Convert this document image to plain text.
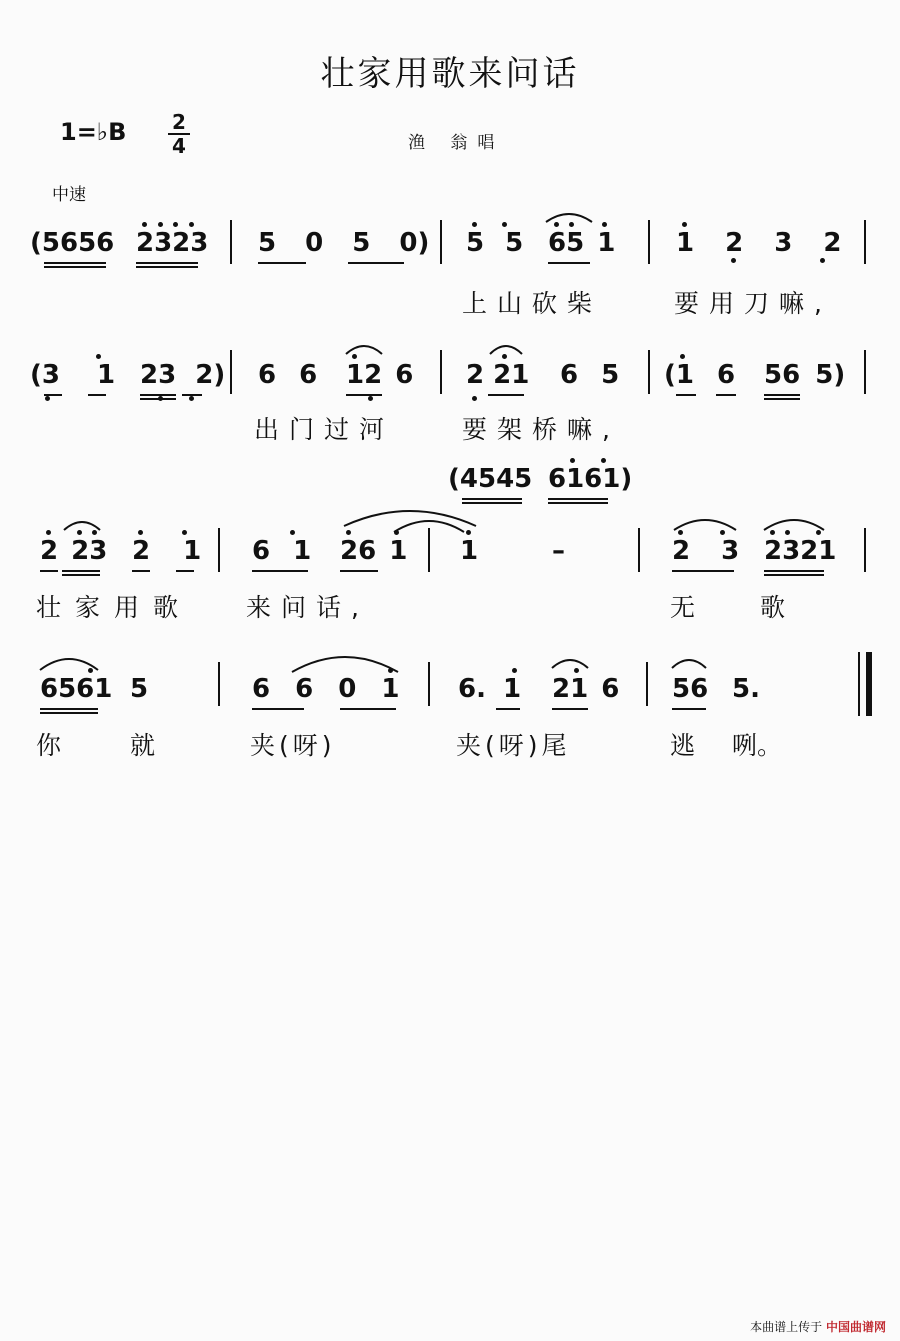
壮家用歌来问话
1=♭B 2
4	渔 翁唱
中速
(5656 2323 5 0 5 0) 5 5 65 1 1 2 3 2
上山砍柴	要用刀嘛,
(3 1 23 2) 6 6 12 6 2 21 6 5 (1 6 56 5)
出门过河	要架桥嘛,
(4545 6161)
2 23 2 1 6 1 26 1 1	–	2 3 2321
壮家用歌 来问话,	无	歌
6561 5	6 6 0 1 6. 1 21 6 56 5.
你	就	夹(呀)	夹(呀)尾	逃 咧。
本曲谱上传于 中国曲谱网
